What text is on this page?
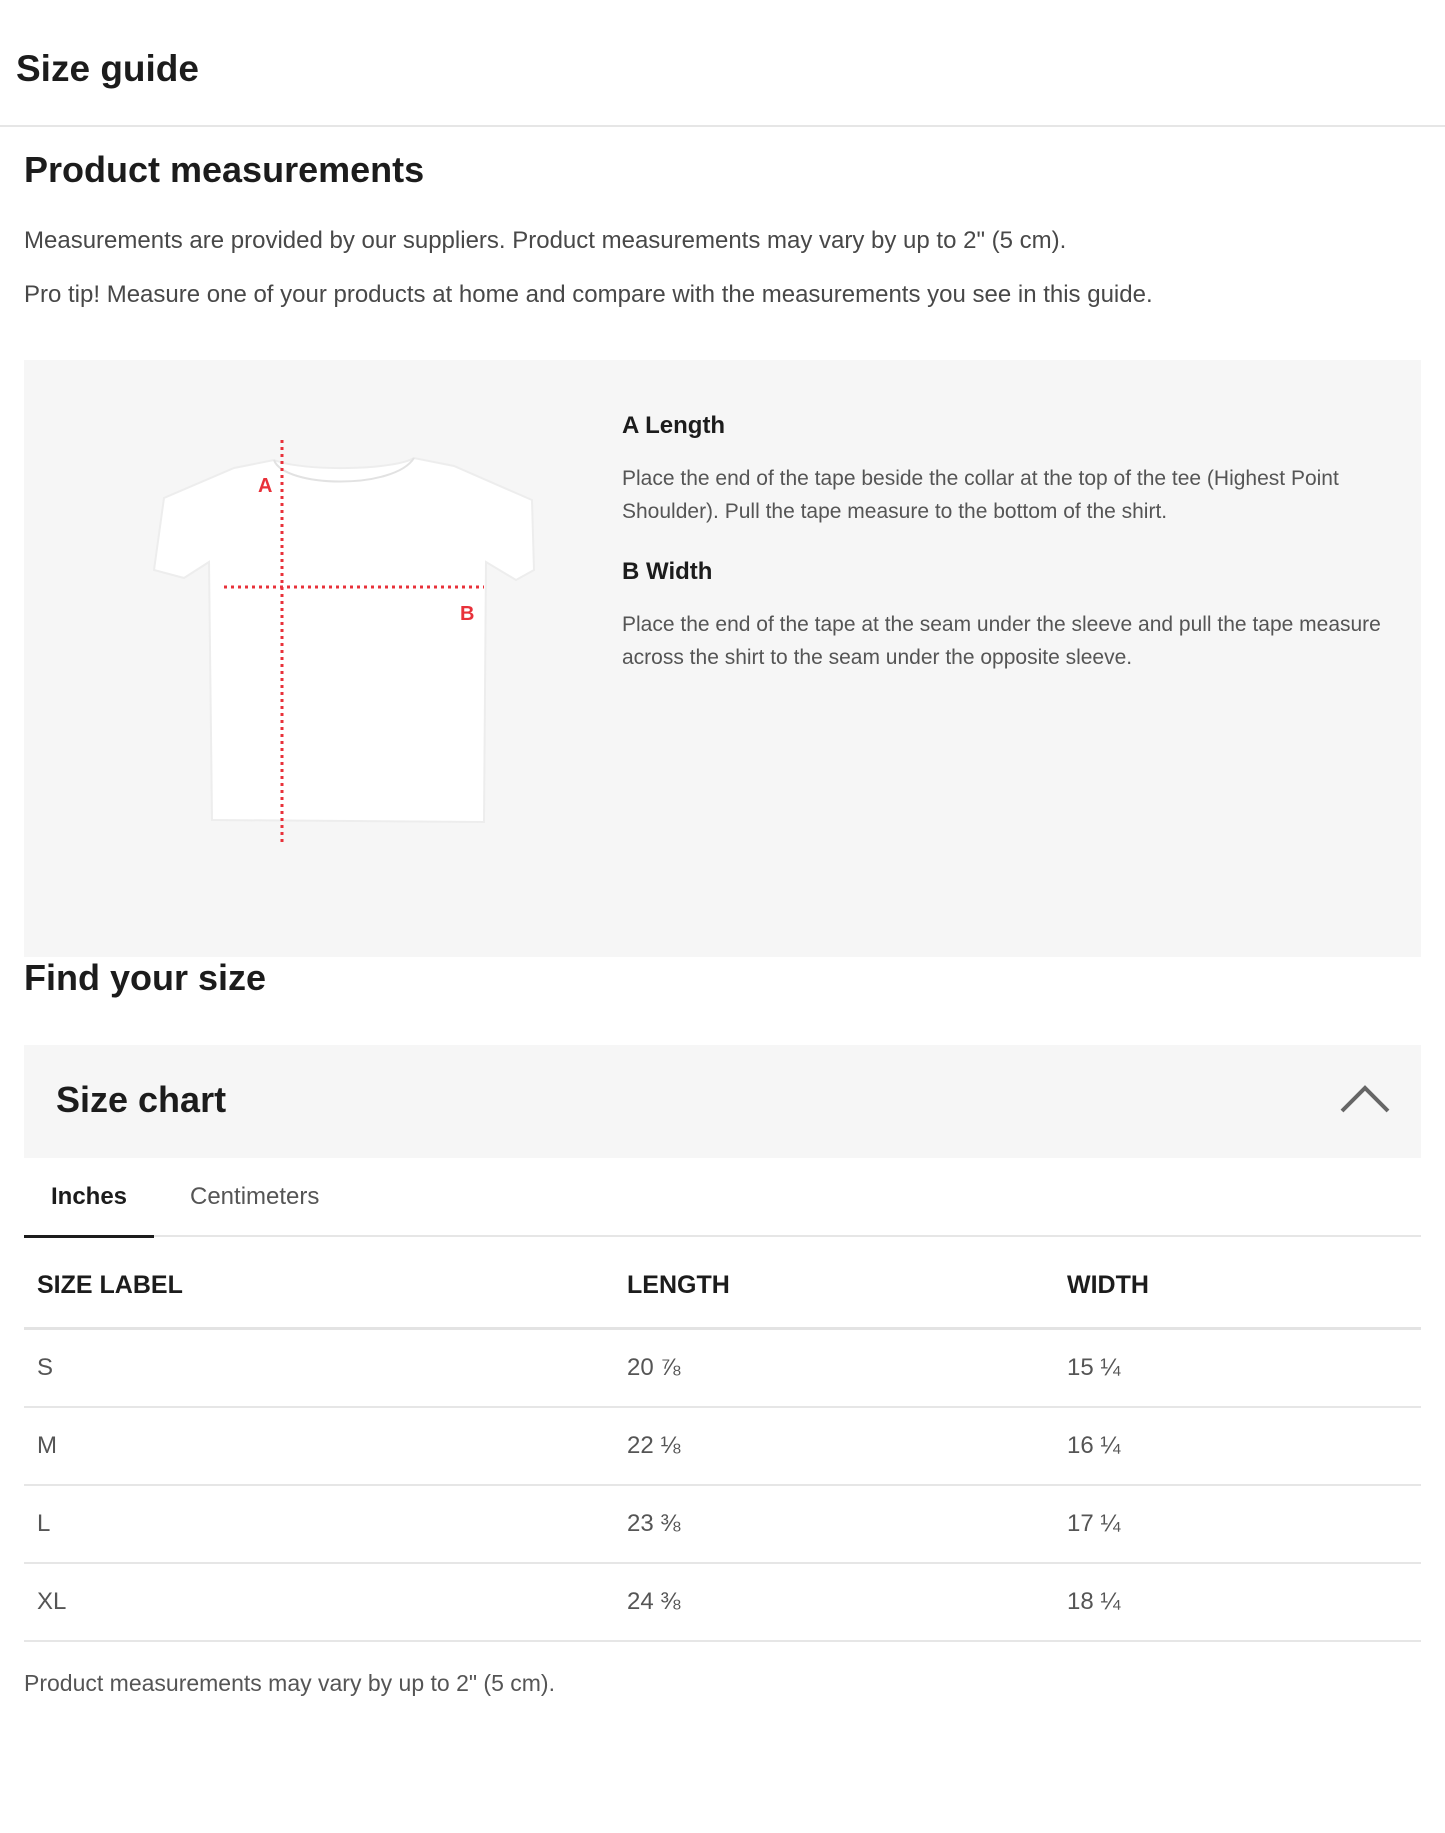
Size guide
Product measurements

Measurements are provided by our suppliers. Product measurements may vary by up to 2" (5 cm).

Pro tip! Measure one of your products at home and compare with the measurements you see in this guide.

A
B
A Length

Place the end of the tape beside the collar at the top of the tee (Highest Point Shoulder). Pull the tape measure to the bottom of the shirt.

B Width

Place the end of the tape at the seam under the sleeve and pull the tape measure across the shirt to the seam under the opposite sleeve.

Find your size
Size chart
Inches	Centimeters
SIZE LABEL	LENGTH	WIDTH
S	20 ⅞	15 ¼
M	22 ⅛	16 ¼
L	23 ⅜	17 ¼
XL	24 ⅜	18 ¼

Product measurements may vary by up to 2" (5 cm).
